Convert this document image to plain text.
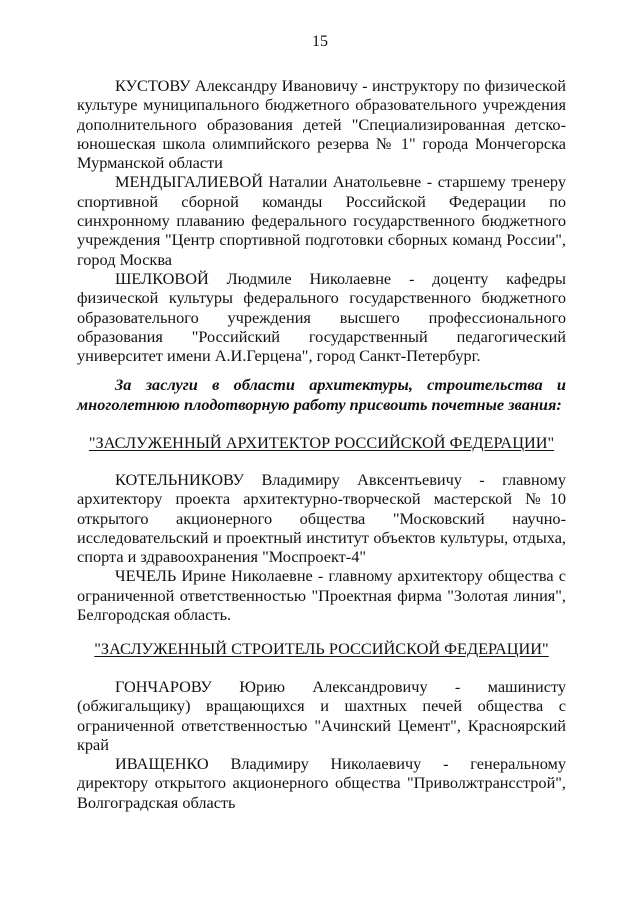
15

КУСТОВУ Александру Ивановичу - инструктору по физической культуре муниципального бюджетного образовательного учреждения дополнительного образования детей "Специализированная детско-юношеская школа олимпийского резерва № 1" города Мончегорска Мурманской области

МЕНДЫГАЛИЕВОЙ Наталии Анатольевне - старшему тренеру спортивной сборной команды Российской Федерации по синхронному плаванию федерального государственного бюджетного учреждения "Центр спортивной подготовки сборных команд России", город Москва

ШЕЛКОВОЙ Людмиле Николаевне - доценту кафедры физической культуры федерального государственного бюджетного образовательного учреждения высшего профессионального образования "Российский государственный педагогический университет имени А.И.Герцена", город Санкт-Петербург.

За заслуги в области архитектуры, строительства и многолетнюю плодотворную работу присвоить почетные звания:

"ЗАСЛУЖЕННЫЙ АРХИТЕКТОР РОССИЙСКОЙ ФЕДЕРАЦИИ"

КОТЕЛЬНИКОВУ Владимиру Авксентьевичу - главному архитектору проекта архитектурно-творческой мастерской №10 открытого акционерного общества "Московский научно-исследовательский и проектный институт объектов культуры, отдыха, спорта и здравоохранения "Моспроект-4"

ЧЕЧЕЛЬ Ирине Николаевне - главному архитектору общества с ограниченной ответственностью "Проектная фирма "Золотая линия", Белгородская область.

"ЗАСЛУЖЕННЫЙ СТРОИТЕЛЬ РОССИЙСКОЙ ФЕДЕРАЦИИ"

ГОНЧАРОВУ Юрию Александровичу - машинисту (обжигальщику) вращающихся и шахтных печей общества с ограниченной ответственностью "Ачинский Цемент", Красноярский край

ИВАЩЕНКО Владимиру Николаевичу - генеральному директору открытого акционерного общества "Приволжтрансстрой", Волгоградская область
